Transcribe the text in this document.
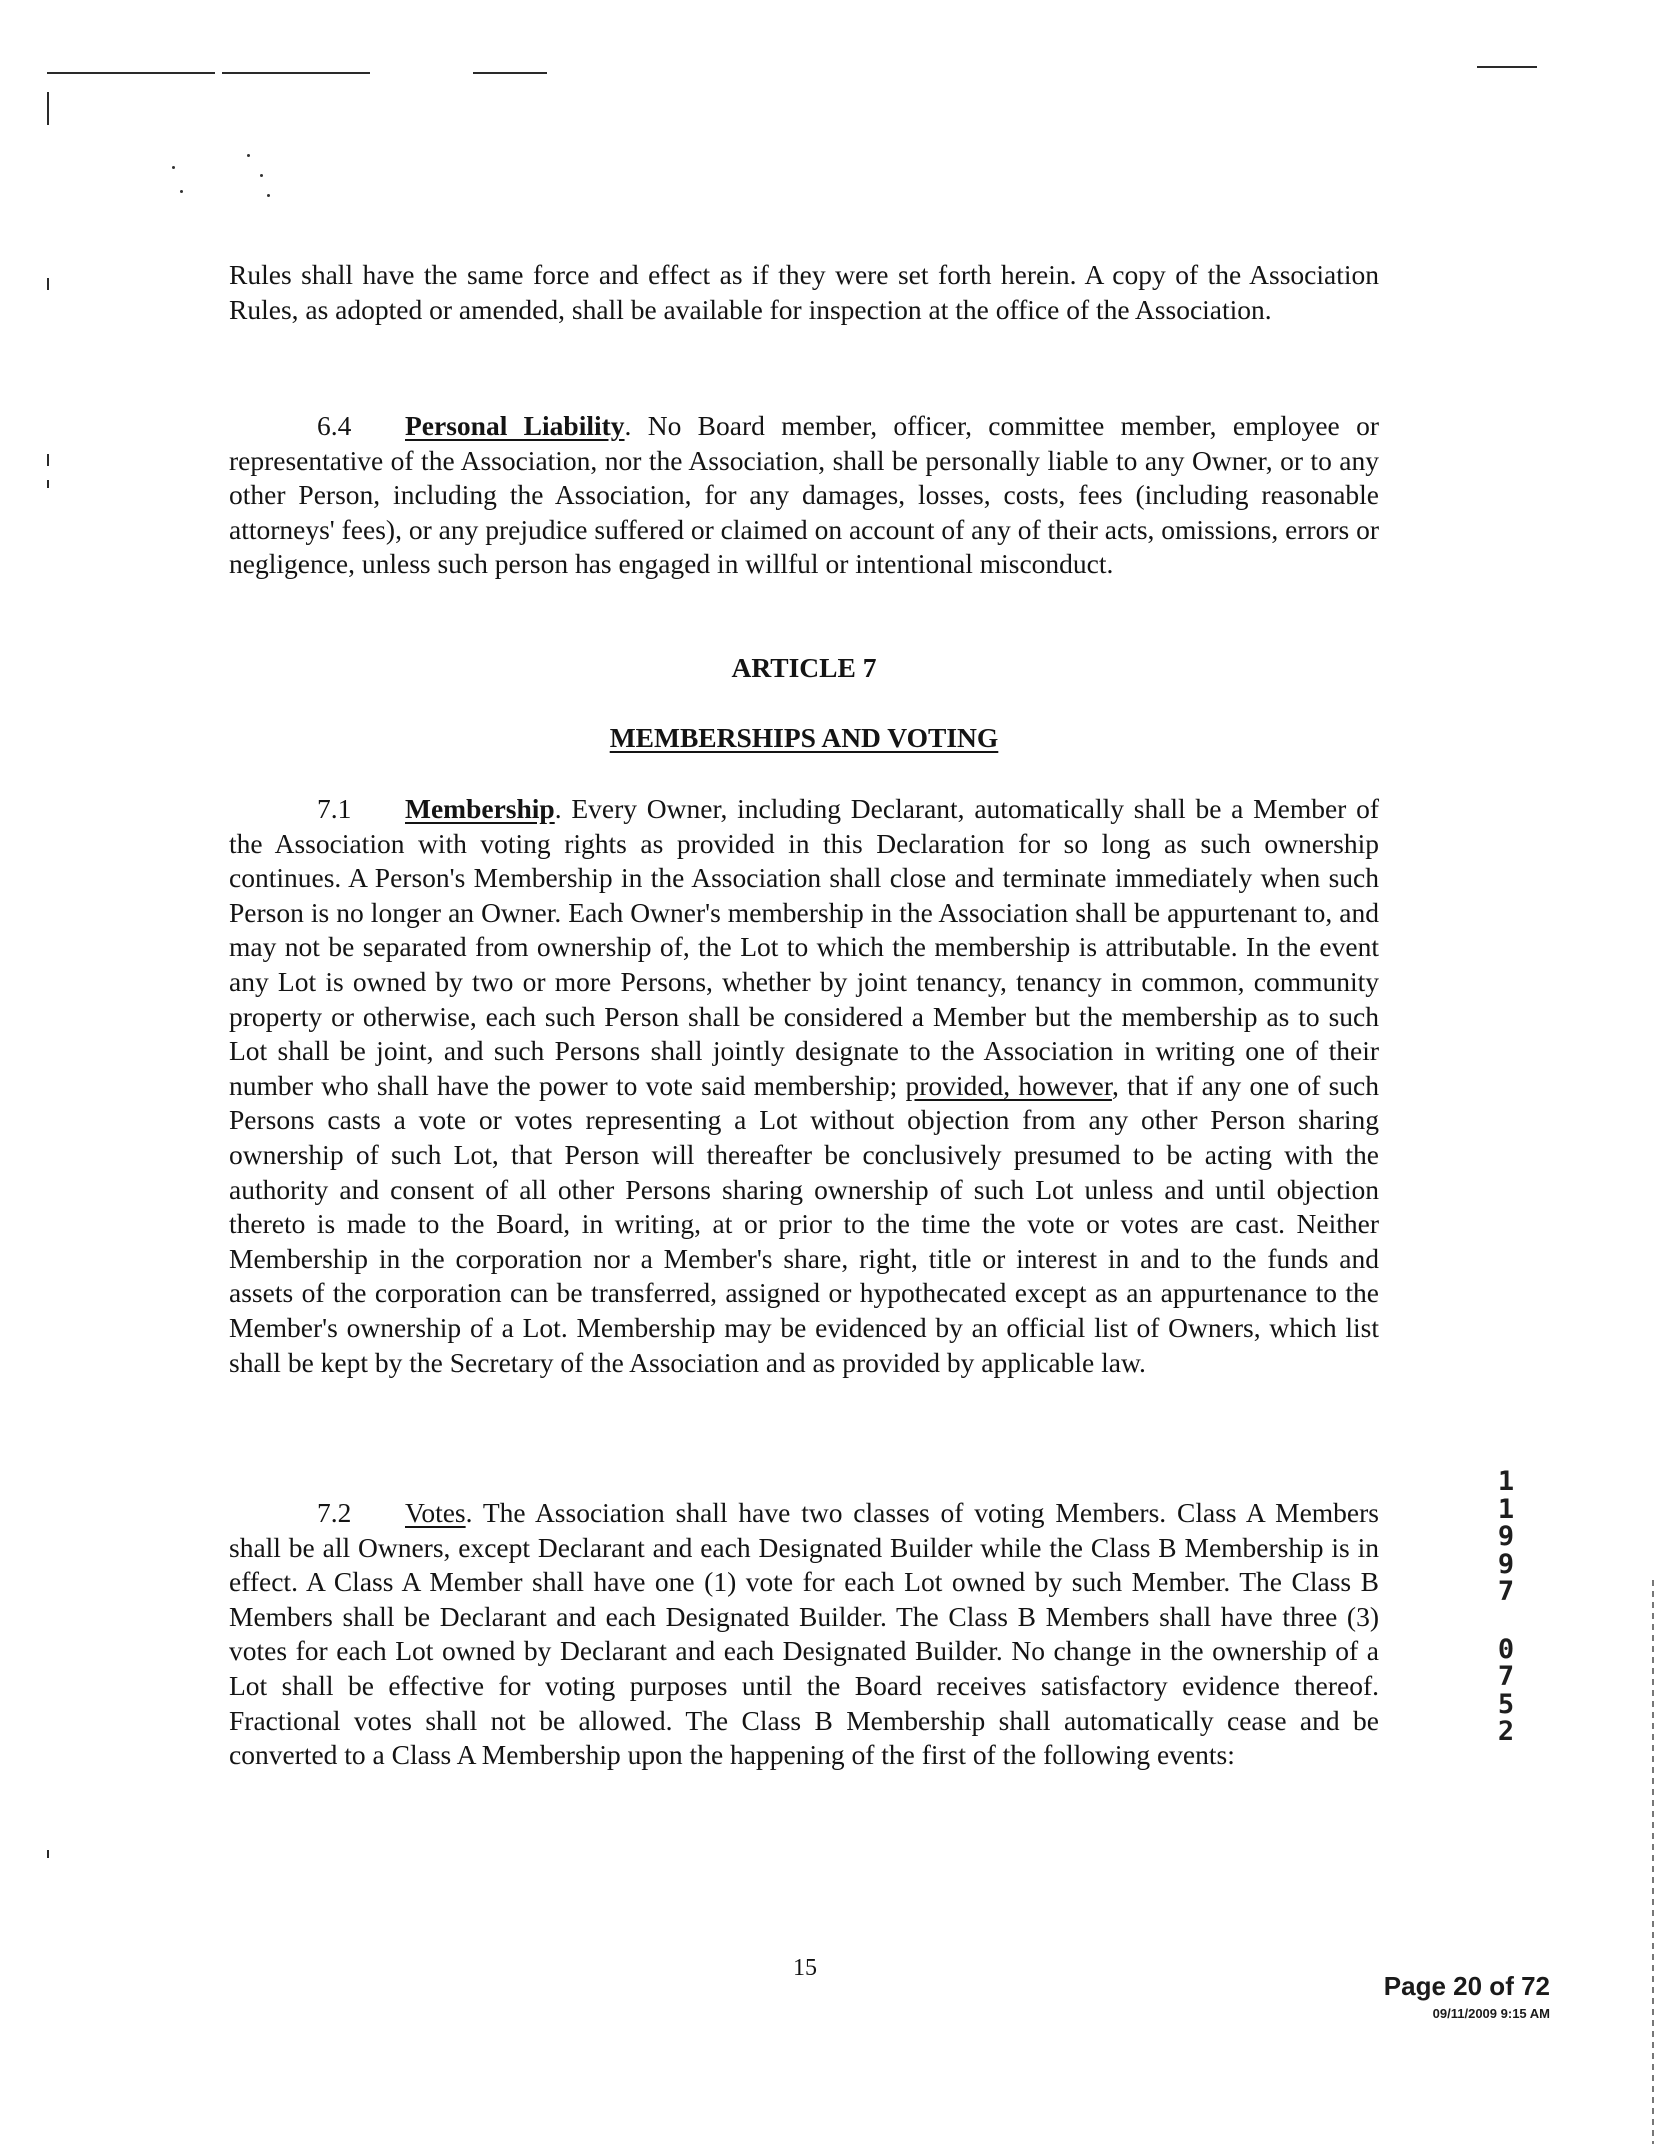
Rules shall have the same force and effect as if they were set forth herein. A copy of the Association Rules, as adopted or amended, shall be available for inspection at the office of the Association.

6.4 Personal Liability. No Board member, officer, committee member, employee or representative of the Association, nor the Association, shall be personally liable to any Owner, or to any other Person, including the Association, for any damages, losses, costs, fees (including reasonable attorneys' fees), or any prejudice suffered or claimed on account of any of their acts, omissions, errors or negligence, unless such person has engaged in willful or intentional misconduct.

ARTICLE 7

MEMBERSHIPS AND VOTING

7.1 Membership. Every Owner, including Declarant, automatically shall be a Member of the Association with voting rights as provided in this Declaration for so long as such ownership continues. A Person's Membership in the Association shall close and terminate immediately when such Person is no longer an Owner. Each Owner's membership in the Association shall be appurtenant to, and may not be separated from ownership of, the Lot to which the membership is attributable. In the event any Lot is owned by two or more Persons, whether by joint tenancy, tenancy in common, community property or otherwise, each such Person shall be considered a Member but the membership as to such Lot shall be joint, and such Persons shall jointly designate to the Association in writing one of their number who shall have the power to vote said membership; provided, however, that if any one of such Persons casts a vote or votes representing a Lot without objection from any other Person sharing ownership of such Lot, that Person will thereafter be conclusively presumed to be acting with the authority and consent of all other Persons sharing ownership of such Lot unless and until objection thereto is made to the Board, in writing, at or prior to the time the vote or votes are cast. Neither Membership in the corporation nor a Member's share, right, title or interest in and to the funds and assets of the corporation can be transferred, assigned or hypothecated except as an appurtenance to the Member's ownership of a Lot. Membership may be evidenced by an official list of Owners, which list shall be kept by the Secretary of the Association and as provided by applicable law.

7.2 Votes. The Association shall have two classes of voting Members. Class A Members shall be all Owners, except Declarant and each Designated Builder while the Class B Membership is in effect. A Class A Member shall have one (1) vote for each Lot owned by such Member. The Class B Members shall be Declarant and each Designated Builder. The Class B Members shall have three (3) votes for each Lot owned by Declarant and each Designated Builder. No change in the ownership of a Lot shall be effective for voting purposes until the Board receives satisfactory evidence thereof. Fractional votes shall not be allowed. The Class B Membership shall automatically cease and be converted to a Class A Membership upon the happening of the first of the following events:

15

1
1
9
9
7
0
7
5
2

Page 20 of 72

09/11/2009 9:15 AM
